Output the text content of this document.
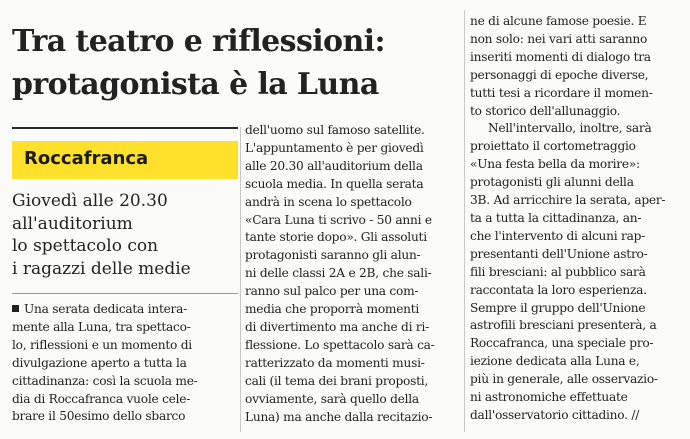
Tra teatro e riflessioni:
protagonista è la Luna
Roccafranca
Giovedì alle 20.30
all'auditorium
lo spettacolo con
i ragazzi delle medie
Una serata dedicata intera-
mente alla Luna, tra spettaco-
lo, riflessioni e un momento di
divulgazione aperto a tutta la
cittadinanza: così la scuola me-
dia di Roccafranca vuole cele-
brare il 50esimo dello sbarco
dell'uomo sul famoso satellite.
L'appuntamento è per giovedì
alle 20.30 all'auditorium della
scuola media. In quella serata
andrà in scena lo spettacolo
«Cara Luna ti scrivo - 50 anni e
tante storie dopo». Gli assoluti
protagonisti saranno gli alun-
ni delle classi 2A e 2B, che sali-
ranno sul palco per una com-
media che proporrà momenti
di divertimento ma anche di ri-
flessione. Lo spettacolo sarà ca-
ratterizzato da momenti musi-
cali (il tema dei brani proposti,
ovviamente, sarà quello della
Luna) ma anche dalla recitazio-
ne di alcune famose poesie. E
non solo: nei vari atti saranno
inseriti momenti di dialogo tra
personaggi di epoche diverse,
tutti tesi a ricordare il momen-
to storico dell'allunaggio.
Nell'intervallo, inoltre, sarà
proiettato il cortometraggio
«Una festa bella da morire»:
protagonisti gli alunni della
3B. Ad arricchire la serata, aper-
ta a tutta la cittadinanza, an-
che l'intervento di alcuni rap-
presentanti dell'Unione astro-
fili bresciani: al pubblico sarà
raccontata la loro esperienza.
Sempre il gruppo dell'Unione
astrofili bresciani presenterà, a
Roccafranca, una speciale pro-
iezione dedicata alla Luna e,
più in generale, alle osservazio-
ni astronomiche effettuate
dall'osservatorio cittadino. //
